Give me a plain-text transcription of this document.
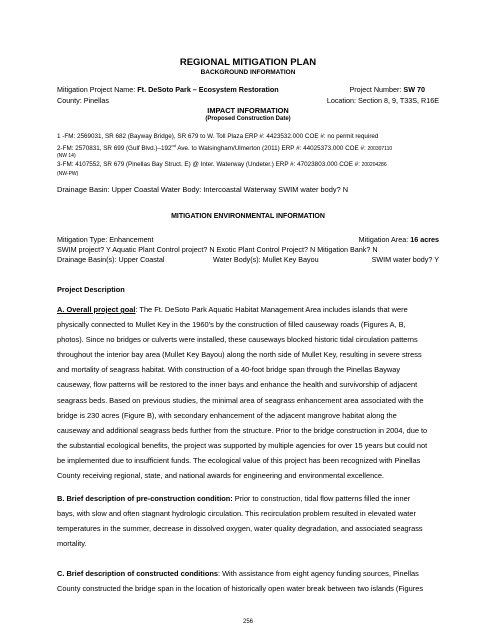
REGIONAL MITIGATION PLAN
BACKGROUND INFORMATION
Mitigation Project Name: Ft. DeSoto Park – Ecosystem Restoration	Project Number: SW 70
County: Pinellas	Location: Section 8, 9, T33S, R16E
IMPACT INFORMATION
(Proposed Construction Date)
1 -FM: 2569031, SR 682 (Bayway Bridge), SR 679 to W. Toll Plaza ERP #: 4423532.000 COE #: no permit required
2-FM: 2570831, SR 699 (Gulf Blvd.)–192nd Ave. to Walsingham/Ulmerton (2011) ERP #: 44025373.000 COE #: 200307110
(NW 14)
3-FM: 4107552, SR 679 (Pinellas Bay Struct. E) @ Inter. Waterway (Undeter.) ERP #: 47023803.000 COE #: 200204286
(NW-PW)
Drainage Basin: Upper Coastal Water Body: Intercoastal Waterway SWIM water body? N
MITIGATION ENVIRONMENTAL INFORMATION
Mitigation Type: Enhancement	Mitigation Area: 16 acres
SWIM project? Y Aquatic Plant Control project? N Exotic Plant Control Project? N Mitigation Bank? N
Drainage Basin(s): Upper Coastal	Water Body(s): Mullet Key Bayou	SWIM water body? Y
Project Description
A. Overall project goal: The Ft. DeSoto Park Aquatic Habitat Management Area includes islands that were
physically connected to Mullet Key in the 1960’s by the construction of filled causeway roads (Figures A, B,
photos). Since no bridges or culverts were installed, these causeways blocked historic tidal circulation patterns
throughout the interior bay area (Mullet Key Bayou) along the north side of Mullet Key, resulting in severe stress
and mortality of seagrass habitat. With construction of a 40-foot bridge span through the Pinellas Bayway
causeway, flow patterns will be restored to the inner bays and enhance the health and survivorship of adjacent
seagrass beds. Based on previous studies, the minimal area of seagrass enhancement area associated with the
bridge is 230 acres (Figure B), with secondary enhancement of the adjacent mangrove habitat along the
causeway and additional seagrass beds further from the structure. Prior to the bridge construction in 2004, due to
the substantial ecological benefits, the project was supported by multiple agencies for over 15 years but could not
be implemented due to insufficient funds. The ecological value of this project has been recognized with Pinellas
County receiving regional, state, and national awards for engineering and environmental excellence.
B. Brief description of pre-construction condition: Prior to construction, tidal flow patterns filled the inner
bays, with slow and often stagnant hydrologic circulation. This recirculation problem resulted in elevated water
temperatures in the summer, decrease in dissolved oxygen, water quality degradation, and associated seagrass
mortality.
C. Brief description of constructed conditions: With assistance from eight agency funding sources, Pinellas
County constructed the bridge span in the location of historically open water break between two islands (Figures
256
